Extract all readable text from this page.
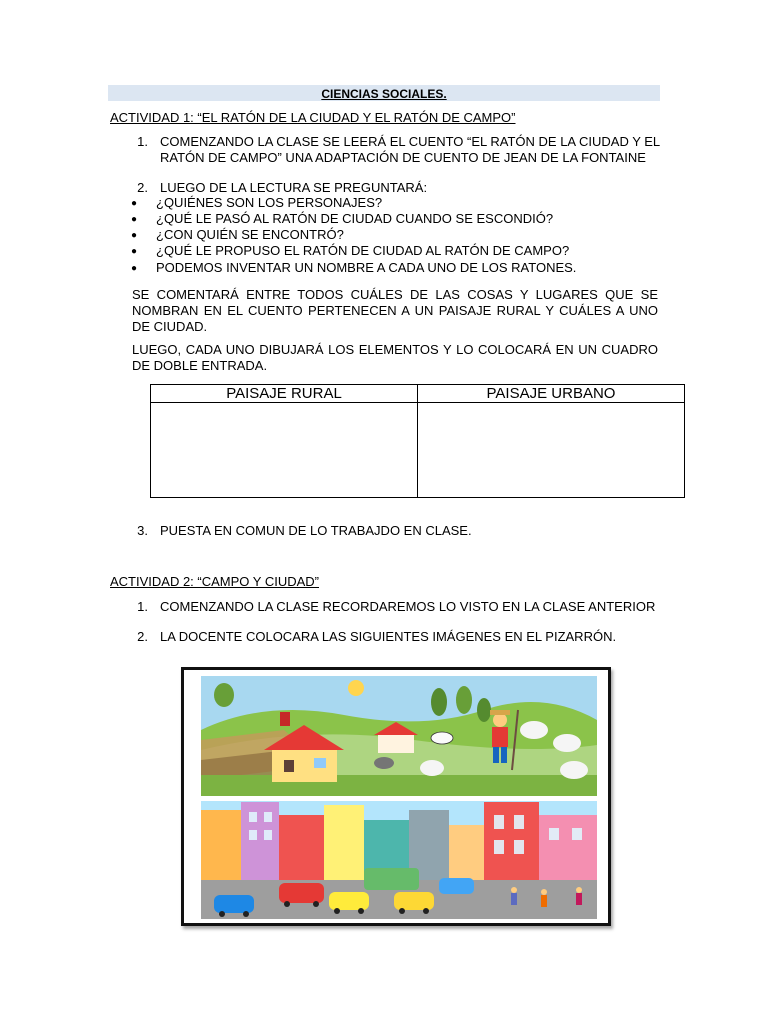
CIENCIAS SOCIALES.
ACTIVIDAD 1: “EL RATÓN DE LA CIUDAD Y EL RATÓN DE CAMPO”
1. COMENZANDO LA CLASE SE LEERÁ EL CUENTO “EL RATÓN DE LA CIUDAD Y EL
RATÓN DE CAMPO” UNA ADAPTACIÓN DE CUENTO DE JEAN DE LA FONTAINE
2. LUEGO DE LA LECTURA SE PREGUNTARÁ:
● ¿QUIÉNES SON LOS PERSONAJES?
● ¿QUÉ LE PASÓ AL RATÓN DE CIUDAD CUANDO SE ESCONDIÓ?
● ¿CON QUIÉN SE ENCONTRÓ?
● ¿QUÉ LE PROPUSO EL RATÓN DE CIUDAD AL RATÓN DE CAMPO?
● PODEMOS INVENTAR UN NOMBRE A CADA UNO DE LOS RATONES.
SE COMENTARÁ ENTRE TODOS CUÁLES DE LAS COSAS Y LUGARES QUE SE NOMBRAN EN EL CUENTO PERTENECEN A UN PAISAJE RURAL Y CUÁLES A UNO DE CIUDAD.
LUEGO, CADA UNO DIBUJARÁ LOS ELEMENTOS Y LO COLOCARÁ EN UN CUADRO DE DOBLE ENTRADA.
PAISAJE RURAL	PAISAJE URBANO

3. PUESTA EN COMUN DE LO TRABAJDO EN CLASE.
ACTIVIDAD 2: “CAMPO Y CIUDAD”
1. COMENZANDO LA CLASE RECORDAREMOS LO VISTO EN LA CLASE ANTERIOR
2. LA DOCENTE COLOCARA LAS SIGUIENTES IMÁGENES EN EL PIZARRÓN.
